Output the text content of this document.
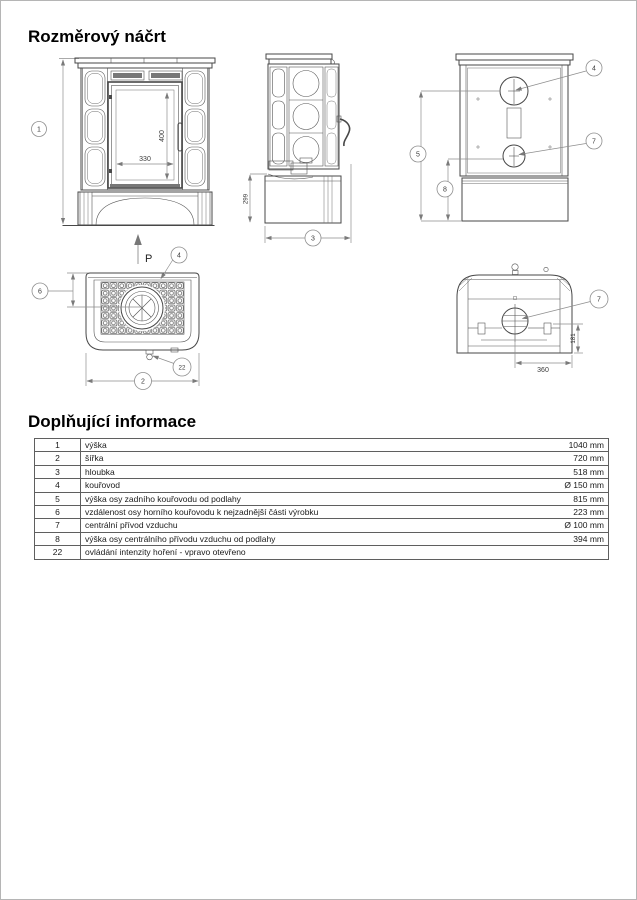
Rozměrový náčrt
330
400
1
P
299
3
5
8
4
7
4
6
22
2
7
360
181
Doplňující informace
1	výška	1040 mm
2	šířka	720 mm
3	hloubka	518 mm
4	kouřovod	Ø 150 mm
5	výška osy zadního kouřovodu od podlahy	815 mm
6	vzdálenost osy horního kouřovodu k nejzadnější části výrobku	223 mm
7	centrální přívod vzduchu	Ø 100 mm
8	výška osy centrálního přívodu vzduchu od podlahy	394 mm
22	ovládání intenzity hoření - vpravo otevřeno	
